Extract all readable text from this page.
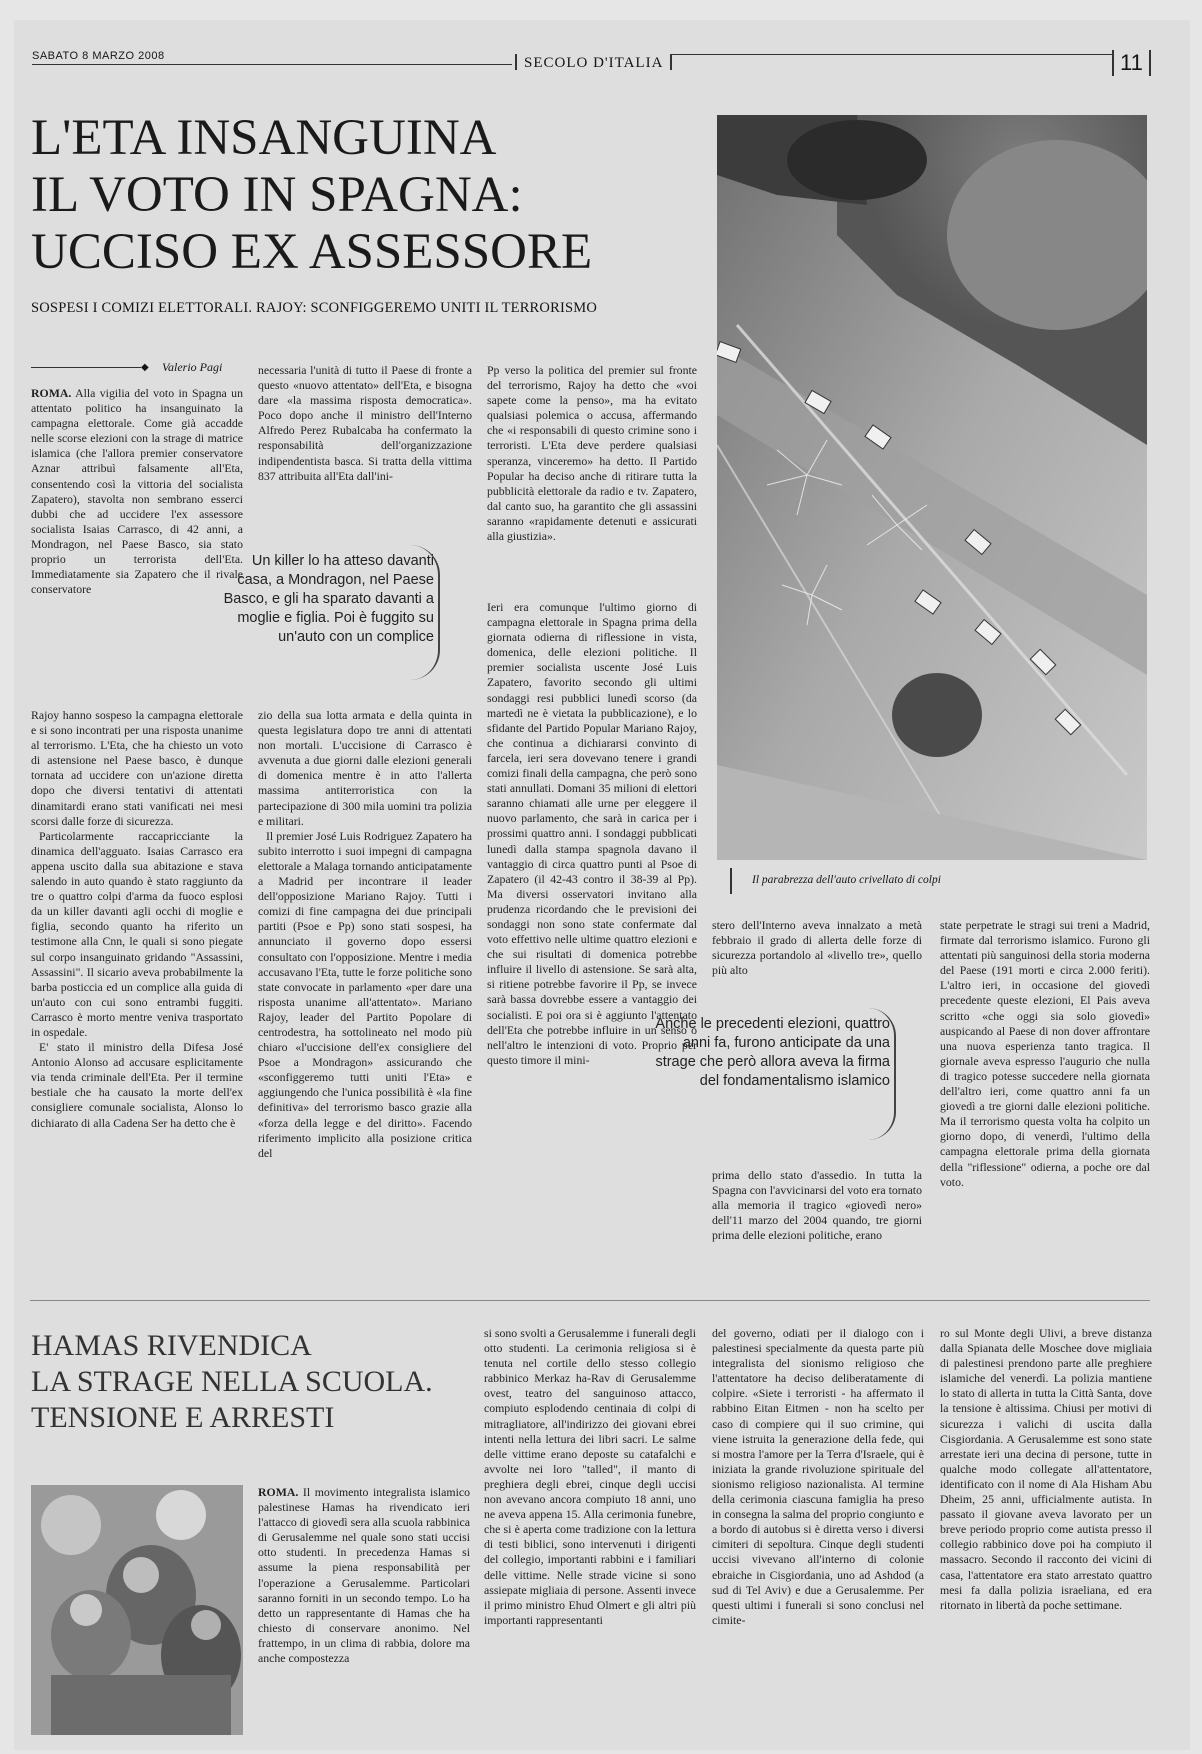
SABATO 8 MARZO 2008	SECOLO D'ITALIA	11
L'ETA INSANGUINA
IL VOTO IN SPAGNA:
UCCISO EX ASSESSORE
SOSPESI I COMIZI ELETTORALI. RAJOY: SCONFIGGEREMO UNITI IL TERRORISMO
◆ Valerio Pagi

ROMA. Alla vigilia del voto in Spagna un attentato politico ha insanguinato la campagna elettorale. Come già accadde nelle scorse elezioni con la strage di matrice islamica (che l'allora premier conservatore Aznar attribuì falsamente all'Eta, consentendo così la vittoria del socialista Zapatero), stavolta non sembrano esserci dubbi che ad uccidere l'ex assessore socialista Isaias Carrasco, di 42 anni, a Mondragon, nel Paese Basco, sia stato proprio un terrorista dell'Eta. Immediatamente sia Zapatero che il rivale conservatore

Rajoy hanno sospeso la campagna elettorale e si sono incontrati per una risposta unanime al terrorismo. L'Eta, che ha chiesto un voto di astensione nel Paese basco, è dunque tornata ad uccidere con un'azione diretta dopo che diversi tentativi di attentati dinamitardi erano stati vanificati nei mesi scorsi dalle forze di sicurezza.

Particolarmente raccapricciante la dinamica dell'agguato. Isaias Carrasco era appena uscito dalla sua abitazione e stava salendo in auto quando è stato raggiunto da tre o quattro colpi d'arma da fuoco esplosi da un killer davanti agli occhi di moglie e figlia, secondo quanto ha riferito un testimone alla Cnn, le quali si sono piegate sul corpo insanguinato gridando "Assassini, Assassini". Il sicario aveva probabilmente la barba posticcia ed un complice alla guida di un'auto con cui sono entrambi fuggiti. Carrasco è morto mentre veniva trasportato in ospedale.

E' stato il ministro della Difesa José Antonio Alonso ad accusare esplicitamente via tenda criminale dell'Eta. Per il termine bestiale che ha causato la morte dell'ex consigliere comunale socialista, Alonso lo dichiarato di alla Cadena Ser ha detto che è

necessaria l'unità di tutto il Paese di fronte a questo «nuovo attentato» dell'Eta, e bisogna dare «la massima risposta democratica». Poco dopo anche il ministro dell'Interno Alfredo Perez Rubalcaba ha confermato la responsabilità dell'organizzazione indipendentista basca. Si tratta della vittima 837 attribuita all'Eta dall'ini-

zio della sua lotta armata e della quinta in questa legislatura dopo tre anni di attentati non mortali. L'uccisione di Carrasco è avvenuta a due giorni dalle elezioni generali di domenica mentre è in atto l'allerta massima antiterroristica con la partecipazione di 300 mila uomini tra polizia e militari.

Il premier José Luis Rodriguez Zapatero ha subito interrotto i suoi impegni di campagna elettorale a Malaga tornando anticipatamente a Madrid per incontrare il leader dell'opposizione Mariano Rajoy. Tutti i comizi di fine campagna dei due principali partiti (Psoe e Pp) sono stati sospesi, ha annunciato il governo dopo essersi consultato con l'opposizione. Mentre i media accusavano l'Eta, tutte le forze politiche sono state convocate in parlamento «per dare una risposta unanime all'attentato». Mariano Rajoy, leader del Partito Popolare di centrodestra, ha sottolineato nel modo più chiaro «l'uccisione dell'ex consigliere del Psoe a Mondragon» assicurando che «sconfiggeremo tutti uniti l'Eta» e aggiungendo che l'unica possibilità è «la fine definitiva» del terrorismo basco grazie alla «forza della legge e del diritto». Facendo riferimento implicito alla posizione critica del

Un killer lo ha atteso davanti casa, a Mondragon, nel Paese Basco, e gli ha sparato davanti a moglie e figlia. Poi è fuggito su un'auto con un complice

Pp verso la politica del premier sul fronte del terrorismo, Rajoy ha detto che «voi sapete come la penso», ma ha evitato qualsiasi polemica o accusa, affermando che «i responsabili di questo crimine sono i terroristi. L'Eta deve perdere qualsiasi speranza, vinceremo» ha detto. Il Partido Popular ha deciso anche di ritirare tutta la pubblicità elettorale da radio e tv. Zapatero, dal canto suo, ha garantito che gli assassini saranno «rapidamente detenuti e assicurati alla giustizia».

Ieri era comunque l'ultimo giorno di campagna elettorale in Spagna prima della giornata odierna di riflessione in vista, domenica, delle elezioni politiche. Il premier socialista uscente José Luis Zapatero, favorito secondo gli ultimi sondaggi resi pubblici lunedì scorso (da martedì ne è vietata la pubblicazione), e lo sfidante del Partido Popular Mariano Rajoy, che continua a dichiararsi convinto di farcela, ieri sera dovevano tenere i grandi comizi finali della campagna, che però sono stati annullati. Domani 35 milioni di elettori saranno chiamati alle urne per eleggere il nuovo parlamento, che sarà in carica per i prossimi quattro anni. I sondaggi pubblicati lunedì dalla stampa spagnola davano il vantaggio di circa quattro punti al Psoe di Zapatero (il 42-43 contro il 38-39 al Pp). Ma diversi osservatori invitano alla prudenza ricordando che le previsioni dei sondaggi non sono state confermate dal voto effettivo nelle ultime quattro elezioni e che sui risultati di domenica potrebbe influire il livello di astensione. Se sarà alta, si ritiene potrebbe favorire il Pp, se invece sarà bassa dovrebbe essere a vantaggio dei socialisti. E poi ora si è aggiunto l'attentato dell'Eta che potrebbe influire in un senso o nell'altro le intenzioni di voto. Proprio per questo timore il mini-

stero dell'Interno aveva innalzato a metà febbraio il grado di allerta delle forze di sicurezza portandolo al «livello tre», quello più alto

Anche le precedenti elezioni, quattro anni fa, furono anticipate da una strage che però allora aveva la firma del fondamentalismo islamico

prima dello stato d'assedio. In tutta la Spagna con l'avvicinarsi del voto era tornato alla memoria il tragico «giovedì nero» dell'11 marzo del 2004 quando, tre giorni prima delle elezioni politiche, erano

state perpetrate le stragi sui treni a Madrid, firmate dal terrorismo islamico. Furono gli attentati più sanguinosi della storia moderna del Paese (191 morti e circa 2.000 feriti). L'altro ieri, in occasione del giovedì precedente queste elezioni, El Pais aveva scritto «che oggi sia solo giovedì» auspicando al Paese di non dover affrontare una nuova esperienza tanto tragica. Il giornale aveva espresso l'augurio che nulla di tragico potesse succedere nella giornata dell'altro ieri, come quattro anni fa un giovedì a tre giorni dalle elezioni politiche. Ma il terrorismo questa volta ha colpito un giorno dopo, di venerdì, l'ultimo della campagna elettorale prima della giornata della "riflessione" odierna, a poche ore dal voto.

Il parabrezza dell'auto crivellato di colpi
HAMAS RIVENDICA
LA STRAGE NELLA SCUOLA.
TENSIONE E ARRESTI

ROMA. Il movimento integralista islamico palestinese Hamas ha rivendicato ieri l'attacco di giovedì sera alla scuola rabbinica di Gerusalemme nel quale sono stati uccisi otto studenti. In precedenza Hamas si assume la piena responsabilità per l'operazione a Gerusalemme. Particolari saranno forniti in un secondo tempo. Lo ha detto un rappresentante di Hamas che ha chiesto di conservare anonimo. Nel frattempo, in un clima di rabbia, dolore ma anche compostezza

si sono svolti a Gerusalemme i funerali degli otto studenti. La cerimonia religiosa si è tenuta nel cortile dello stesso collegio rabbinico Merkaz ha-Rav di Gerusalemme ovest, teatro del sanguinoso attacco, compiuto esplodendo centinaia di colpi di mitragliatore, all'indirizzo dei giovani ebrei intenti nella lettura dei libri sacri. Le salme delle vittime erano deposte su catafalchi e avvolte nei loro "talled", il manto di preghiera degli ebrei, cinque degli uccisi non avevano ancora compiuto 18 anni, uno ne aveva appena 15. Alla cerimonia funebre, che si è aperta come tradizione con la lettura di testi biblici, sono intervenuti i dirigenti del collegio, importanti rabbini e i familiari delle vittime. Nelle strade vicine si sono assiepate migliaia di persone. Assenti invece il primo ministro Ehud Olmert e gli altri più importanti rappresentanti

del governo, odiati per il dialogo con i palestinesi specialmente da questa parte più integralista del sionismo religioso che l'attentatore ha deciso deliberatamente di colpire. «Siete i terroristi - ha affermato il rabbino Eitan Eitmen - non ha scelto per caso di compiere qui il suo crimine, qui viene istruita la generazione della fede, qui si mostra l'amore per la Terra d'Israele, qui è iniziata la grande rivoluzione spirituale del sionismo religioso nazionalista. Al termine della cerimonia ciascuna famiglia ha preso in consegna la salma del proprio congiunto e a bordo di autobus si è diretta verso i diversi cimiteri di sepoltura. Cinque degli studenti uccisi vivevano all'interno di colonie ebraiche in Cisgiordania, uno ad Ashdod (a sud di Tel Aviv) e due a Gerusalemme. Per questi ultimi i funerali si sono conclusi nel cimite-

ro sul Monte degli Ulivi, a breve distanza dalla Spianata delle Moschee dove migliaia di palestinesi prendono parte alle preghiere islamiche del venerdì. La polizia mantiene lo stato di allerta in tutta la Città Santa, dove la tensione è altissima. Chiusi per motivi di sicurezza i valichi di uscita dalla Cisgiordania. A Gerusalemme est sono state arrestate ieri una decina di persone, tutte in qualche modo collegate all'attentatore, identificato con il nome di Ala Hisham Abu Dheim, 25 anni, ufficialmente autista. In passato il giovane aveva lavorato per un breve periodo proprio come autista presso il collegio rabbinico dove poi ha compiuto il massacro. Secondo il racconto dei vicini di casa, l'attentatore era stato arrestato quattro mesi fa dalla polizia israeliana, ed era ritornato in libertà da poche settimane.
